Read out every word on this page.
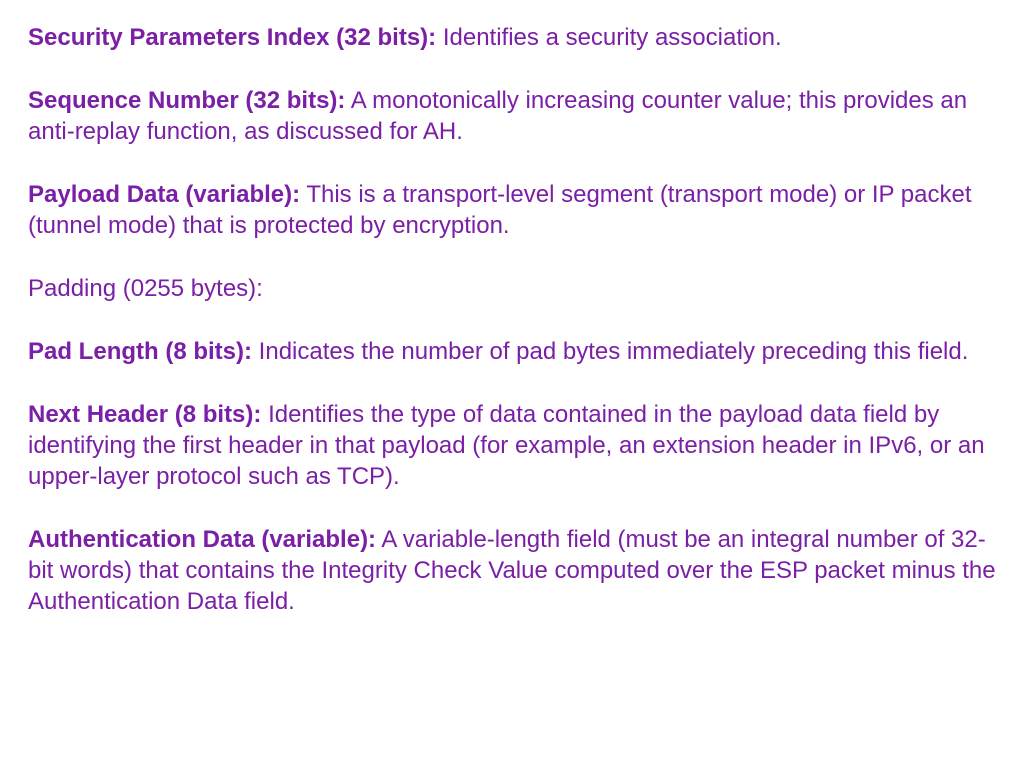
Security Parameters Index (32 bits): Identifies a security association.

Sequence Number (32 bits): A monotonically increasing counter value; this provides an anti-replay function, as discussed for AH.

Payload Data (variable): This is a transport-level segment (transport mode) or IP packet (tunnel mode) that is protected by encryption.

Padding (0255 bytes):

Pad Length (8 bits): Indicates the number of pad bytes immediately preceding this field.

Next Header (8 bits): Identifies the type of data contained in the payload data field by identifying the first header in that payload (for example, an extension header in IPv6, or an upper-layer protocol such as TCP).

Authentication Data (variable): A variable-length field (must be an integral number of 32-bit words) that contains the Integrity Check Value computed over the ESP packet minus the Authentication Data field.
